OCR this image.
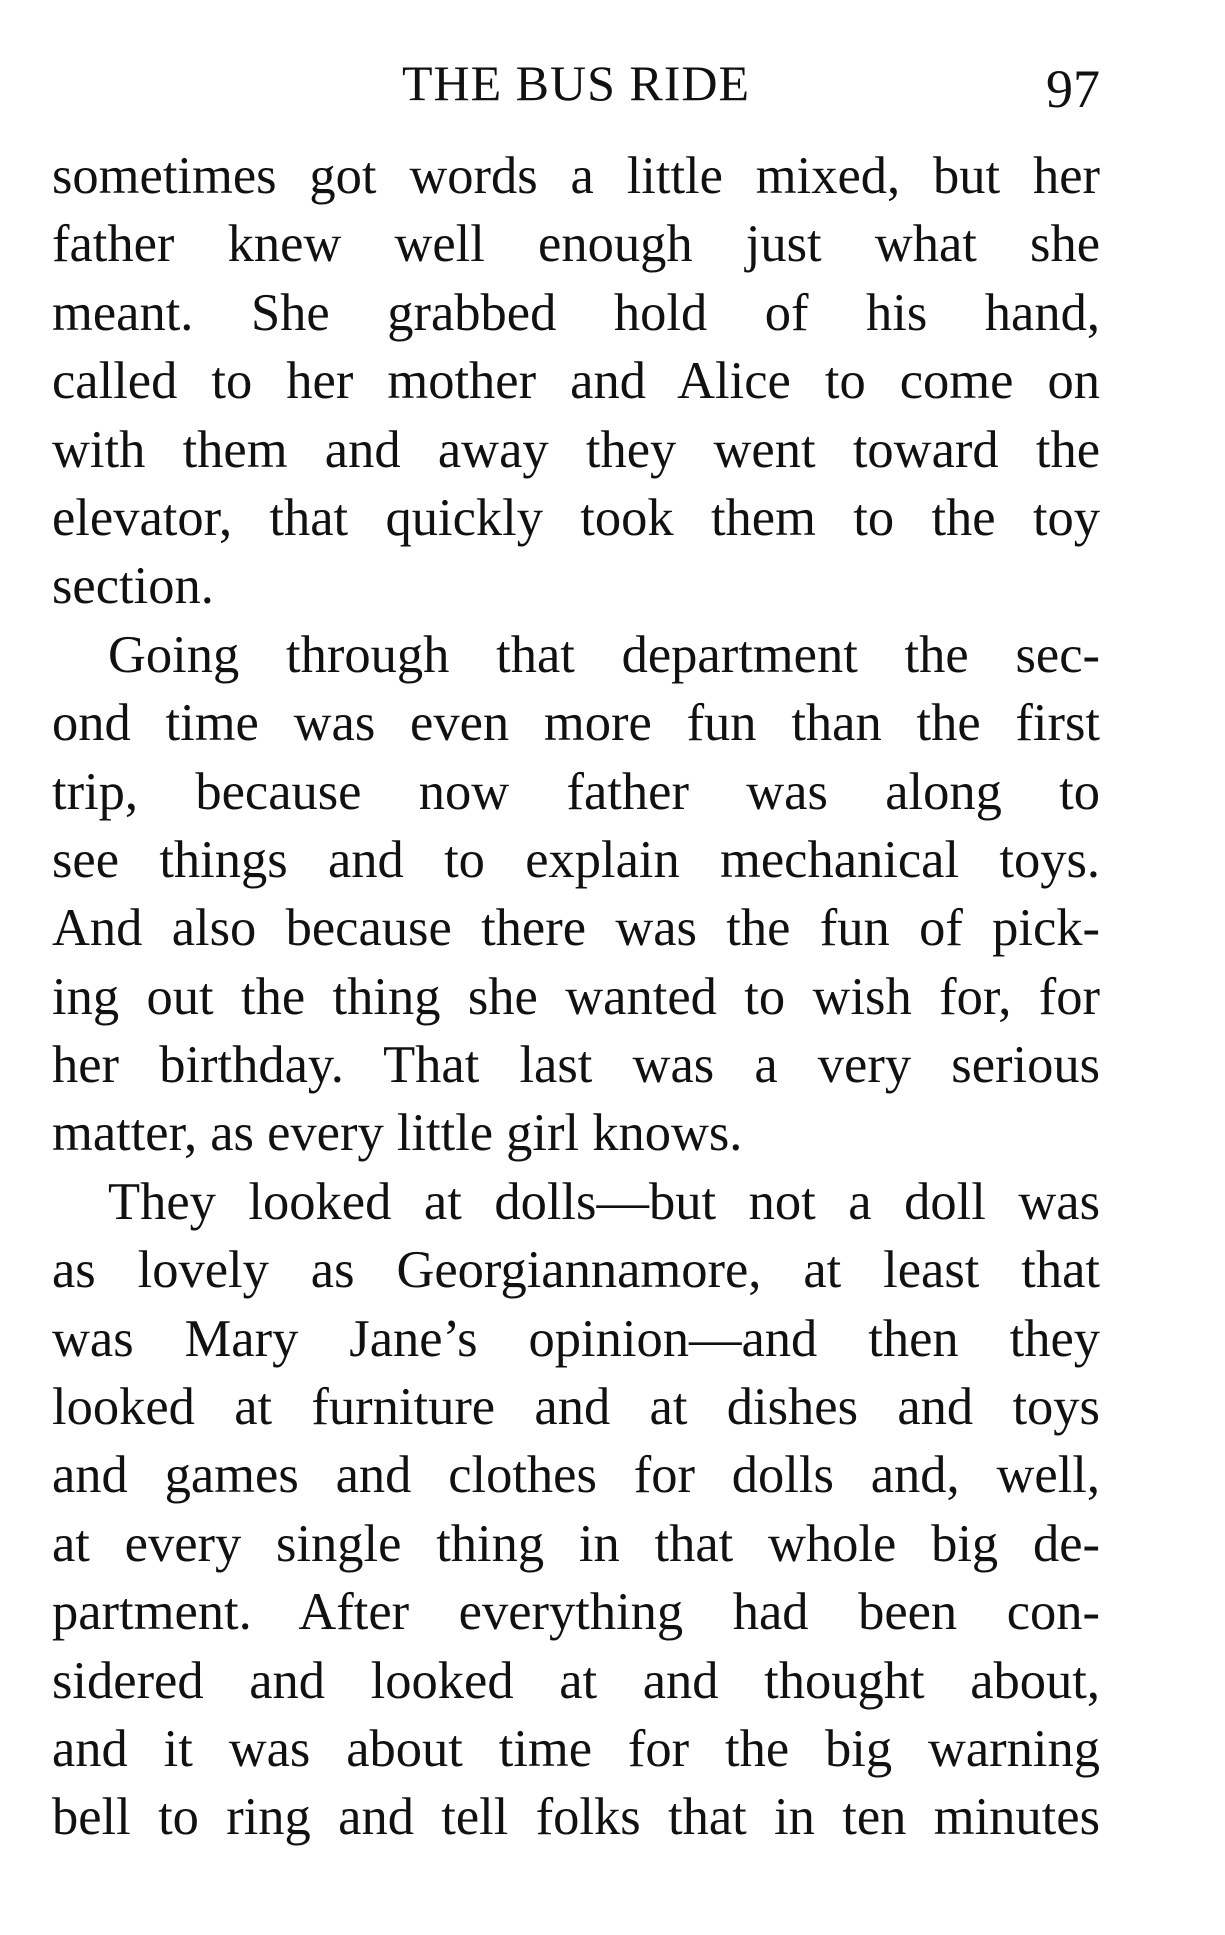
THE BUS RIDE	97
sometimes got words a little mixed, but her
father knew well enough just what she
meant. She grabbed hold of his hand,
called to her mother and Alice to come on
with them and away they went toward the
elevator, that quickly took them to the toy
section.
Going through that department the sec-
ond time was even more fun than the first
trip, because now father was along to
see things and to explain mechanical toys.
And also because there was the fun of pick-
ing out the thing she wanted to wish for, for
her birthday. That last was a very serious
matter, as every little girl knows.
They looked at dolls—but not a doll was
as lovely as Georgiannamore, at least that
was Mary Jane’s opinion—and then they
looked at furniture and at dishes and toys
and games and clothes for dolls and, well,
at every single thing in that whole big de-
partment. After everything had been con-
sidered and looked at and thought about,
and it was about time for the big warning
bell to ring and tell folks that in ten minutes
